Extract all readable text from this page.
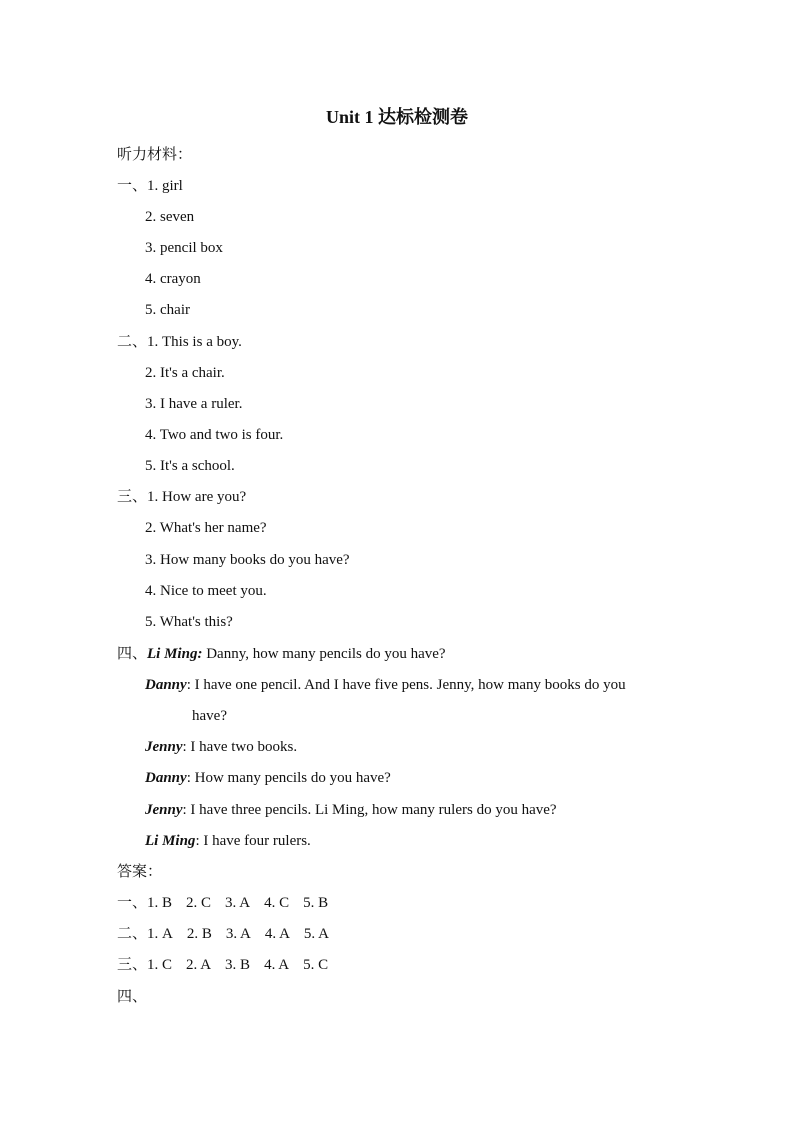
Unit 1 达标检测卷
听力材料：
一、1. girl
2. seven
3. pencil box
4. crayon
5. chair
二、1. This is a boy.
2. It's a chair.
3. I have a ruler.
4. Two and two is four.
5. It's a school.
三、1. How are you?
2. What's her name?
3. How many books do you have?
4. Nice to meet you.
5. What's this?
四、Li Ming: Danny, how many pencils do you have?
Danny: I have one pencil. And I have five pens. Jenny, how many books do you
have?
Jenny: I have two books.
Danny: How many pencils do you have?
Jenny: I have three pencils. Li Ming, how many rulers do you have?
Li Ming: I have four rulers.
答案：
一、1. B 2. C 3. A 4. C 5. B
二、1. A 2. B 3. A 4. A 5. A
三、1. C 2. A 3. B 4. A 5. C
四、
